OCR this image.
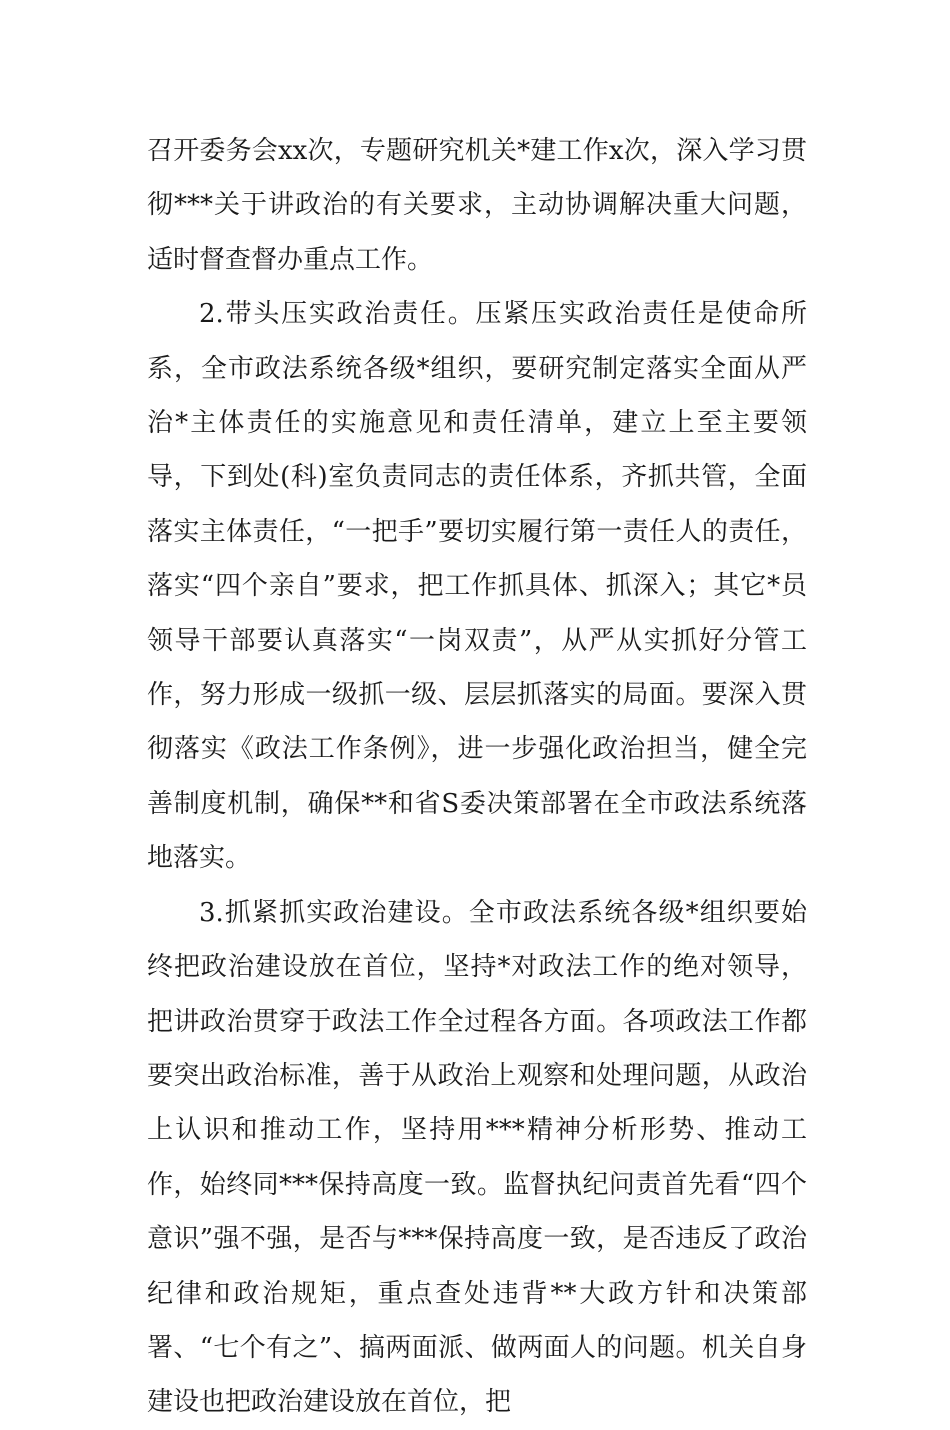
召开委务会xx次，专题研究机关*建工作x次，深入学习贯彻***关于讲政治的有关要求，主动协调解决重大问题，适时督查督办重点工作。

2.带头压实政治责任。压紧压实政治责任是使命所系，全市政法系统各级*组织，要研究制定落实全面从严治*主体责任的实施意见和责任清单，建立上至主要领导，下到处(科)室负责同志的责任体系，齐抓共管，全面落实主体责任，“一把手”要切实履行第一责任人的责任，落实“四个亲自”要求，把工作抓具体、抓深入；其它*员领导干部要认真落实“一岗双责”，从严从实抓好分管工作，努力形成一级抓一级、层层抓落实的局面。要深入贯彻落实《政法工作条例》，进一步强化政治担当，健全完善制度机制，确保**和省S委决策部署在全市政法系统落地落实。

3.抓紧抓实政治建设。全市政法系统各级*组织要始终把政治建设放在首位，坚持*对政法工作的绝对领导，把讲政治贯穿于政法工作全过程各方面。各项政法工作都要突出政治标准，善于从政治上观察和处理问题，从政治上认识和推动工作，坚持用***精神分析形势、推动工作，始终同***保持高度一致。监督执纪问责首先看“四个意识”强不强，是否与***保持高度一致，是否违反了政治纪律和政治规矩，重点查处违背**大政方针和决策部署、“七个有之”、搞两面派、做两面人的问题。机关自身建设也把政治建设放在首位，把
